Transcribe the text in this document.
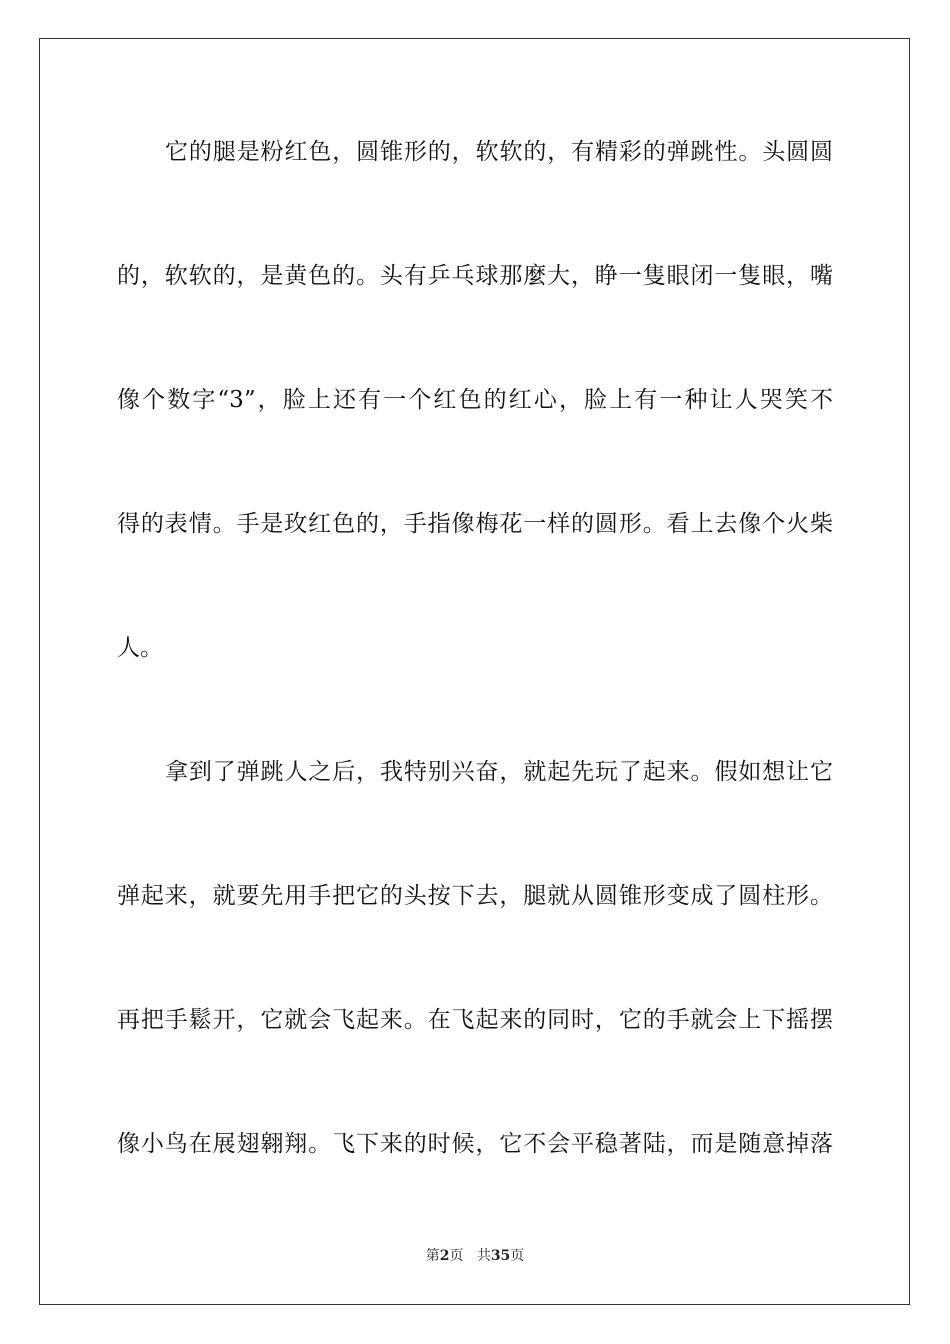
它的腿是粉红色，圆锥形的，软软的，有精彩的弹跳性。头圆圆
的，软软的，是黄色的。头有乒乓球那麼大，睁一隻眼闭一隻眼，嘴
像个数字“3”，脸上还有一个红色的红心，脸上有一种让人哭笑不
得的表情。手是玫红色的，手指像梅花一样的圆形。看上去像个火柴
人。
拿到了弹跳人之后，我特别兴奋，就起先玩了起来。假如想让它
弹起来，就要先用手把它的头按下去，腿就从圆锥形变成了圆柱形。
再把手鬆开，它就会飞起来。在飞起来的同时，它的手就会上下摇摆
像小鸟在展翅翱翔。飞下来的时候，它不会平稳著陆，而是随意掉落
第2页 共35页
